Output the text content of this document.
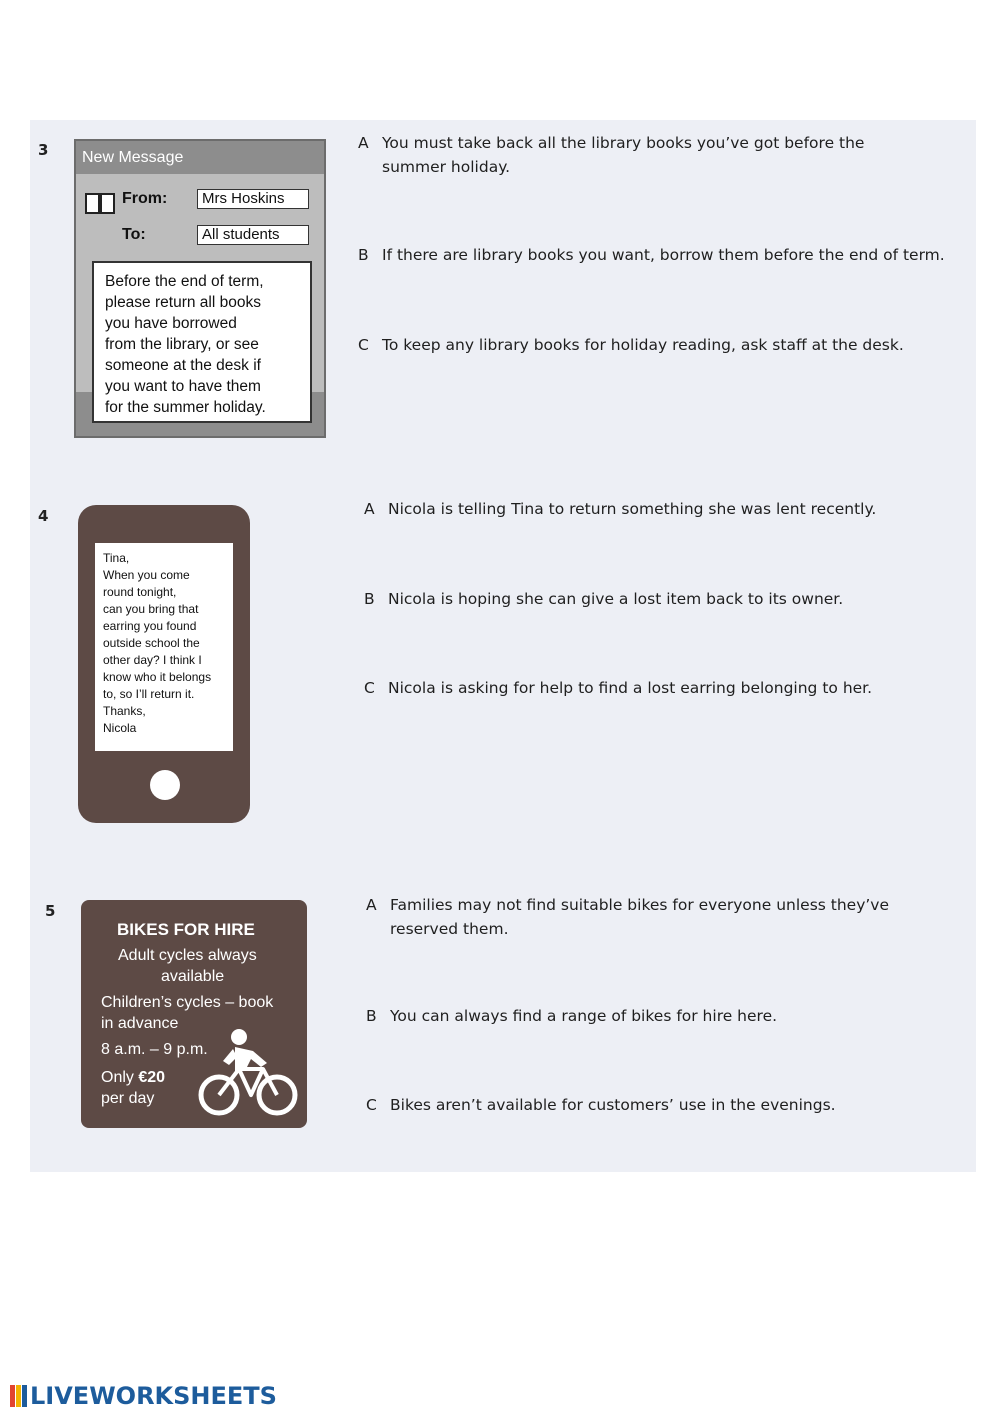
3 New Message
From:	Mrs Hoskins
To:	All students
Before the end of term,
please return all books
you have borrowed
from the library, or see
someone at the desk if
you want to have them
for the summer holiday.
A You must take back all the library books you’ve got before the
summer holiday.
B If there are library books you want, borrow them before the end of term.
C To keep any library books for holiday reading, ask staff at the desk.
4
Tina,
When you come
round tonight,
can you bring that
earring you found
outside school the
other day? I think I
know who it belongs
to, so I’ll return it.
Thanks,
Nicola
A Nicola is telling Tina to return something she was lent recently.
B Nicola is hoping she can give a lost item back to its owner.
C Nicola is asking for help to find a lost earring belonging to her.
5
BIKES FOR HIRE
Adult cycles always
available
Children’s cycles – book
in advance
8 a.m. – 9 p.m.
Only €20
per day
A Families may not find suitable bikes for everyone unless they’ve
reserved them.
B You can always find a range of bikes for hire here.
C Bikes aren’t available for customers’ use in the evenings.
LIVEWORKSHEETS
